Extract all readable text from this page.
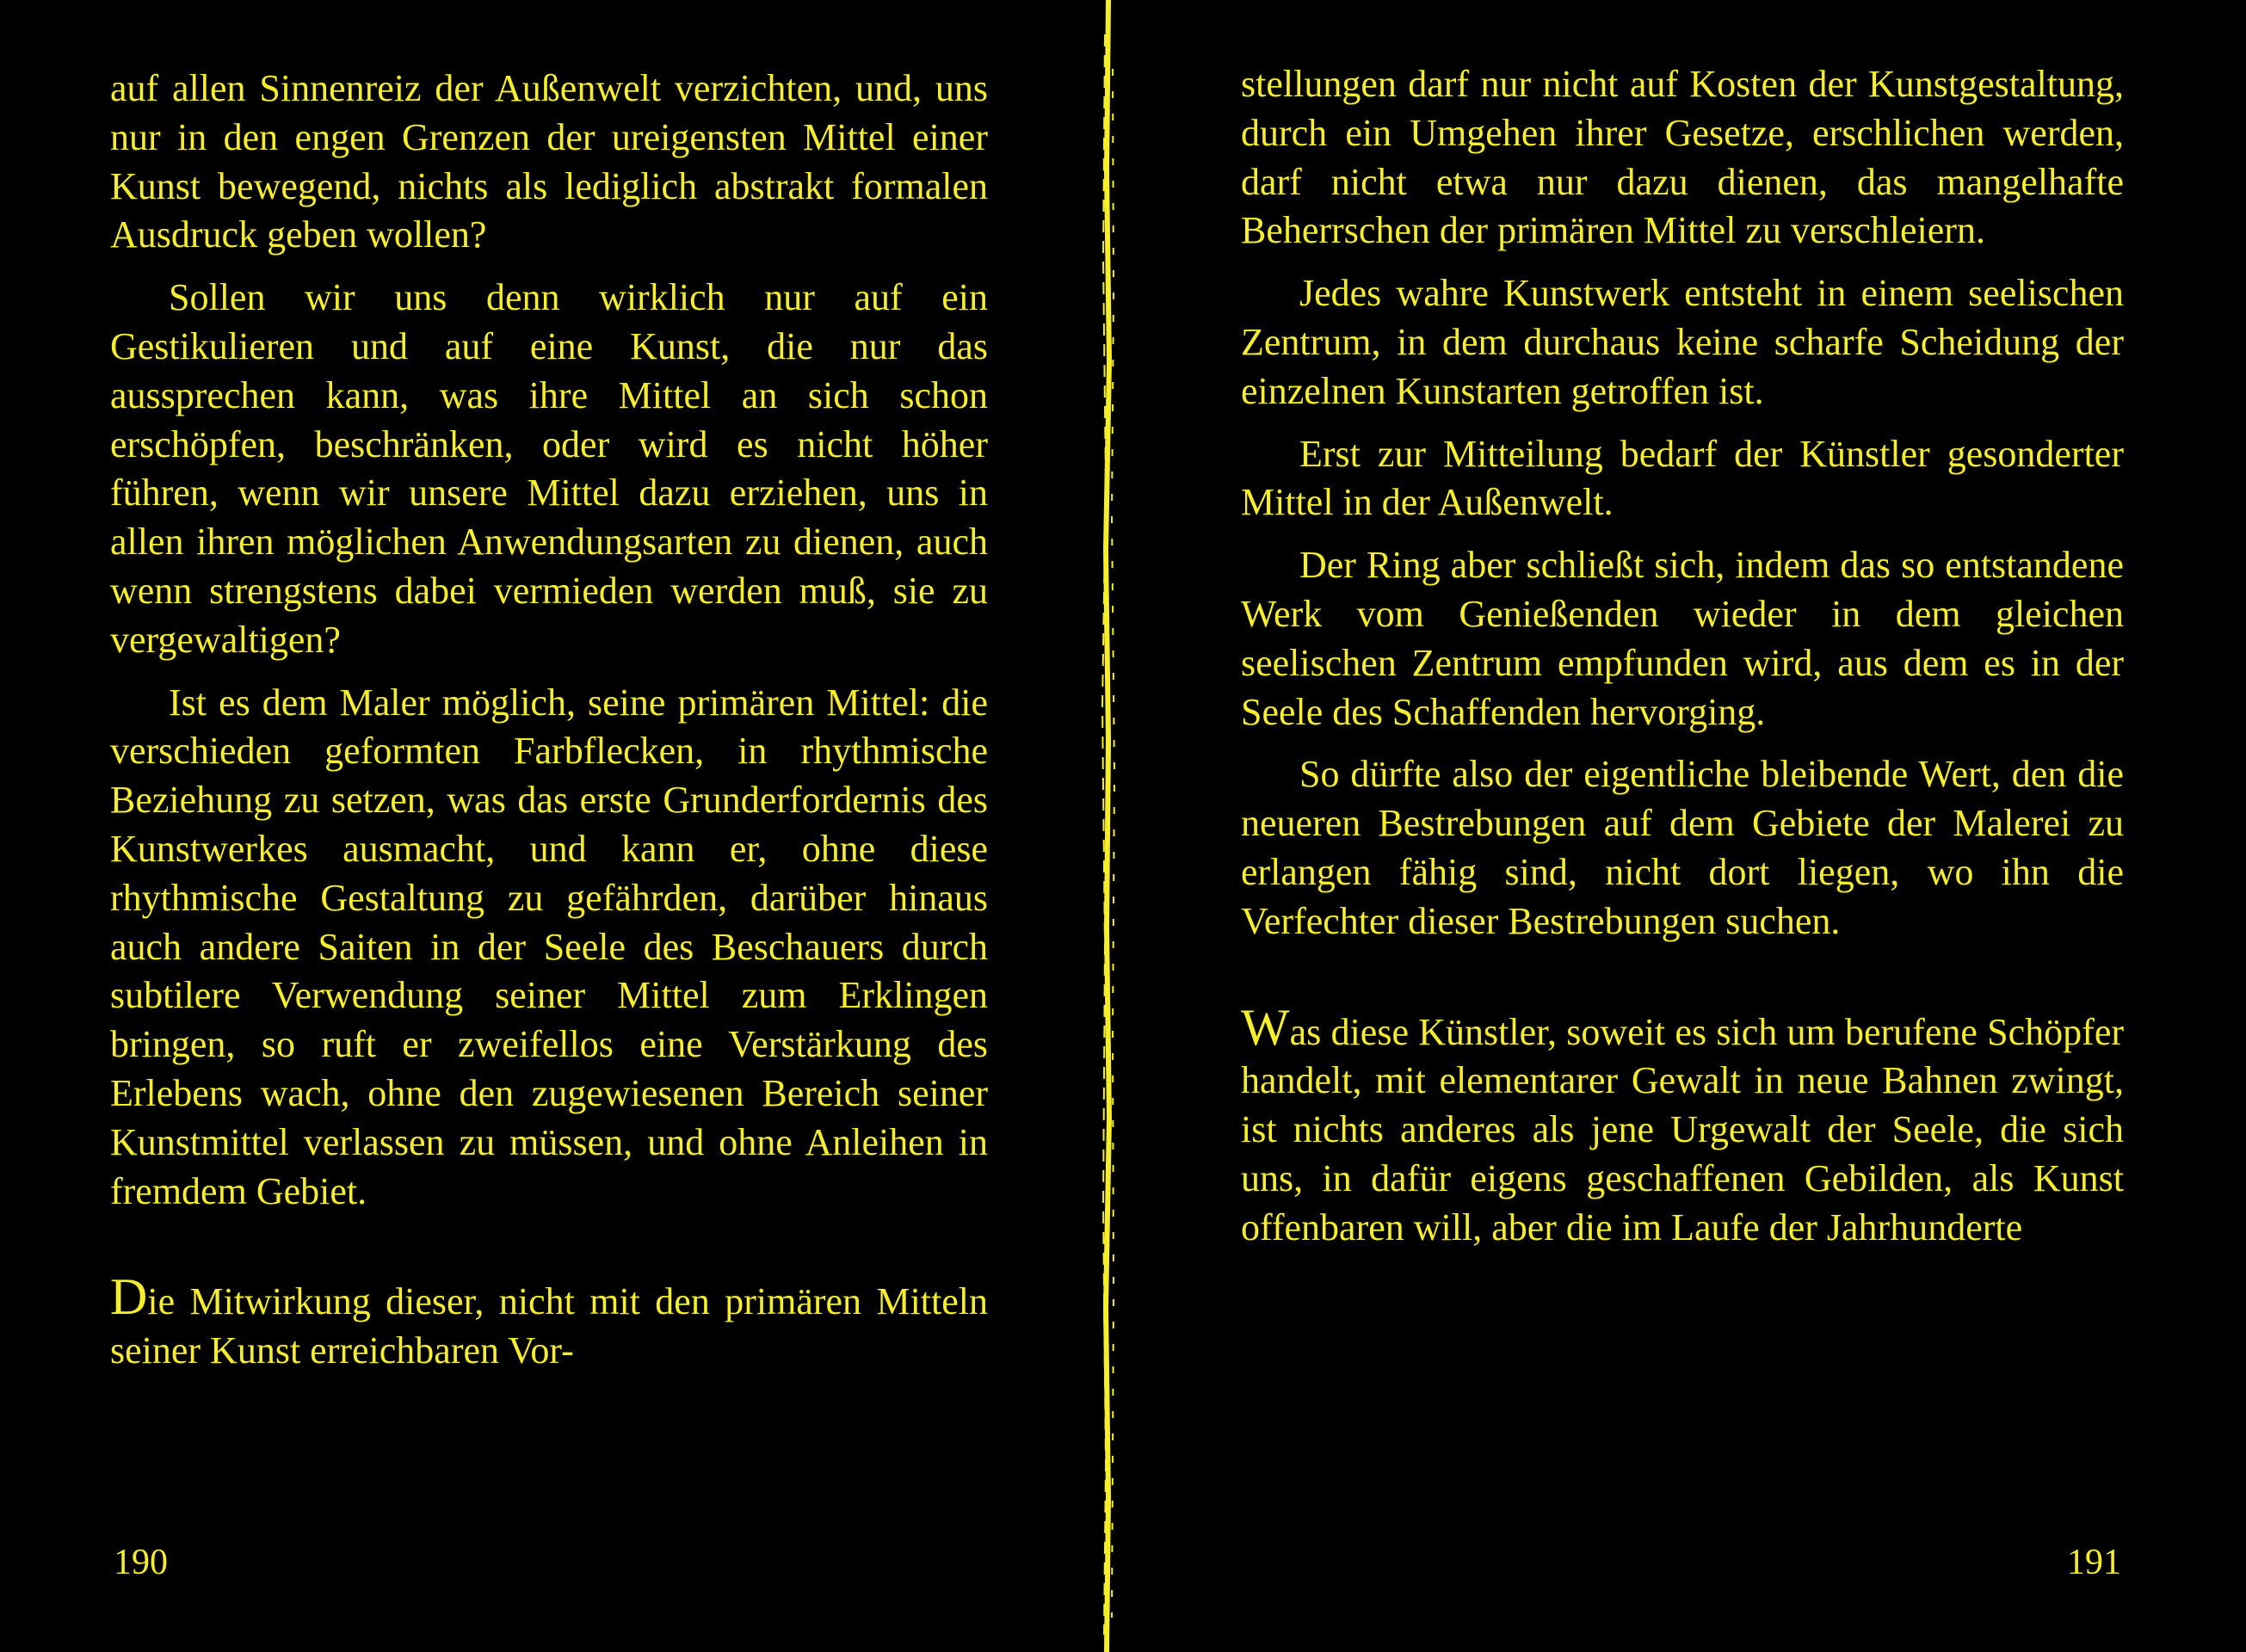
auf allen Sinnenreiz der Außenwelt verzichten, und, uns nur in den engen Grenzen der ureigensten Mittel einer Kunst bewegend, nichts als lediglich abstrakt formalen Ausdruck geben wollen?

Sollen wir uns denn wirklich nur auf ein Gestikulieren und auf eine Kunst, die nur das aussprechen kann, was ihre Mittel an sich schon erschöpfen, beschränken, oder wird es nicht höher führen, wenn wir unsere Mittel dazu erziehen, uns in allen ihren möglichen Anwendungsarten zu dienen, auch wenn strengstens dabei vermieden werden muß, sie zu vergewaltigen?

Ist es dem Maler möglich, seine primären Mittel: die verschieden geformten Farbflecken, in rhythmische Beziehung zu setzen, was das erste Grunderfordernis des Kunstwerkes ausmacht, und kann er, ohne diese rhythmische Gestaltung zu gefährden, darüber hinaus auch andere Saiten in der Seele des Beschauers durch subtilere Verwendung seiner Mittel zum Erklingen bringen, so ruft er zweifellos eine Verstärkung des Erlebens wach, ohne den zugewiesenen Bereich seiner Kunstmittel verlassen zu müssen, und ohne Anleihen in fremdem Gebiet.

Die Mitwirkung dieser, nicht mit den primären Mitteln seiner Kunst erreichbaren Vor-

190

stellungen darf nur nicht auf Kosten der Kunstgestaltung, durch ein Umgehen ihrer Gesetze, erschlichen werden, darf nicht etwa nur dazu dienen, das mangelhafte Beherrschen der primären Mittel zu verschleiern.

Jedes wahre Kunstwerk entsteht in einem seelischen Zentrum, in dem durchaus keine scharfe Scheidung der einzelnen Kunstarten getroffen ist.

Erst zur Mitteilung bedarf der Künstler gesonderter Mittel in der Außenwelt.

Der Ring aber schließt sich, indem das so entstandene Werk vom Genießenden wieder in dem gleichen seelischen Zentrum empfunden wird, aus dem es in der Seele des Schaffenden hervorging.

So dürfte also der eigentliche bleibende Wert, den die neueren Bestrebungen auf dem Gebiete der Malerei zu erlangen fähig sind, nicht dort liegen, wo ihn die Verfechter dieser Bestrebungen suchen.

Was diese Künstler, soweit es sich um berufene Schöpfer handelt, mit elementarer Gewalt in neue Bahnen zwingt, ist nichts anderes als jene Urgewalt der Seele, die sich uns, in dafür eigens geschaffenen Gebilden, als Kunst offenbaren will, aber die im Laufe der Jahrhunderte

191
